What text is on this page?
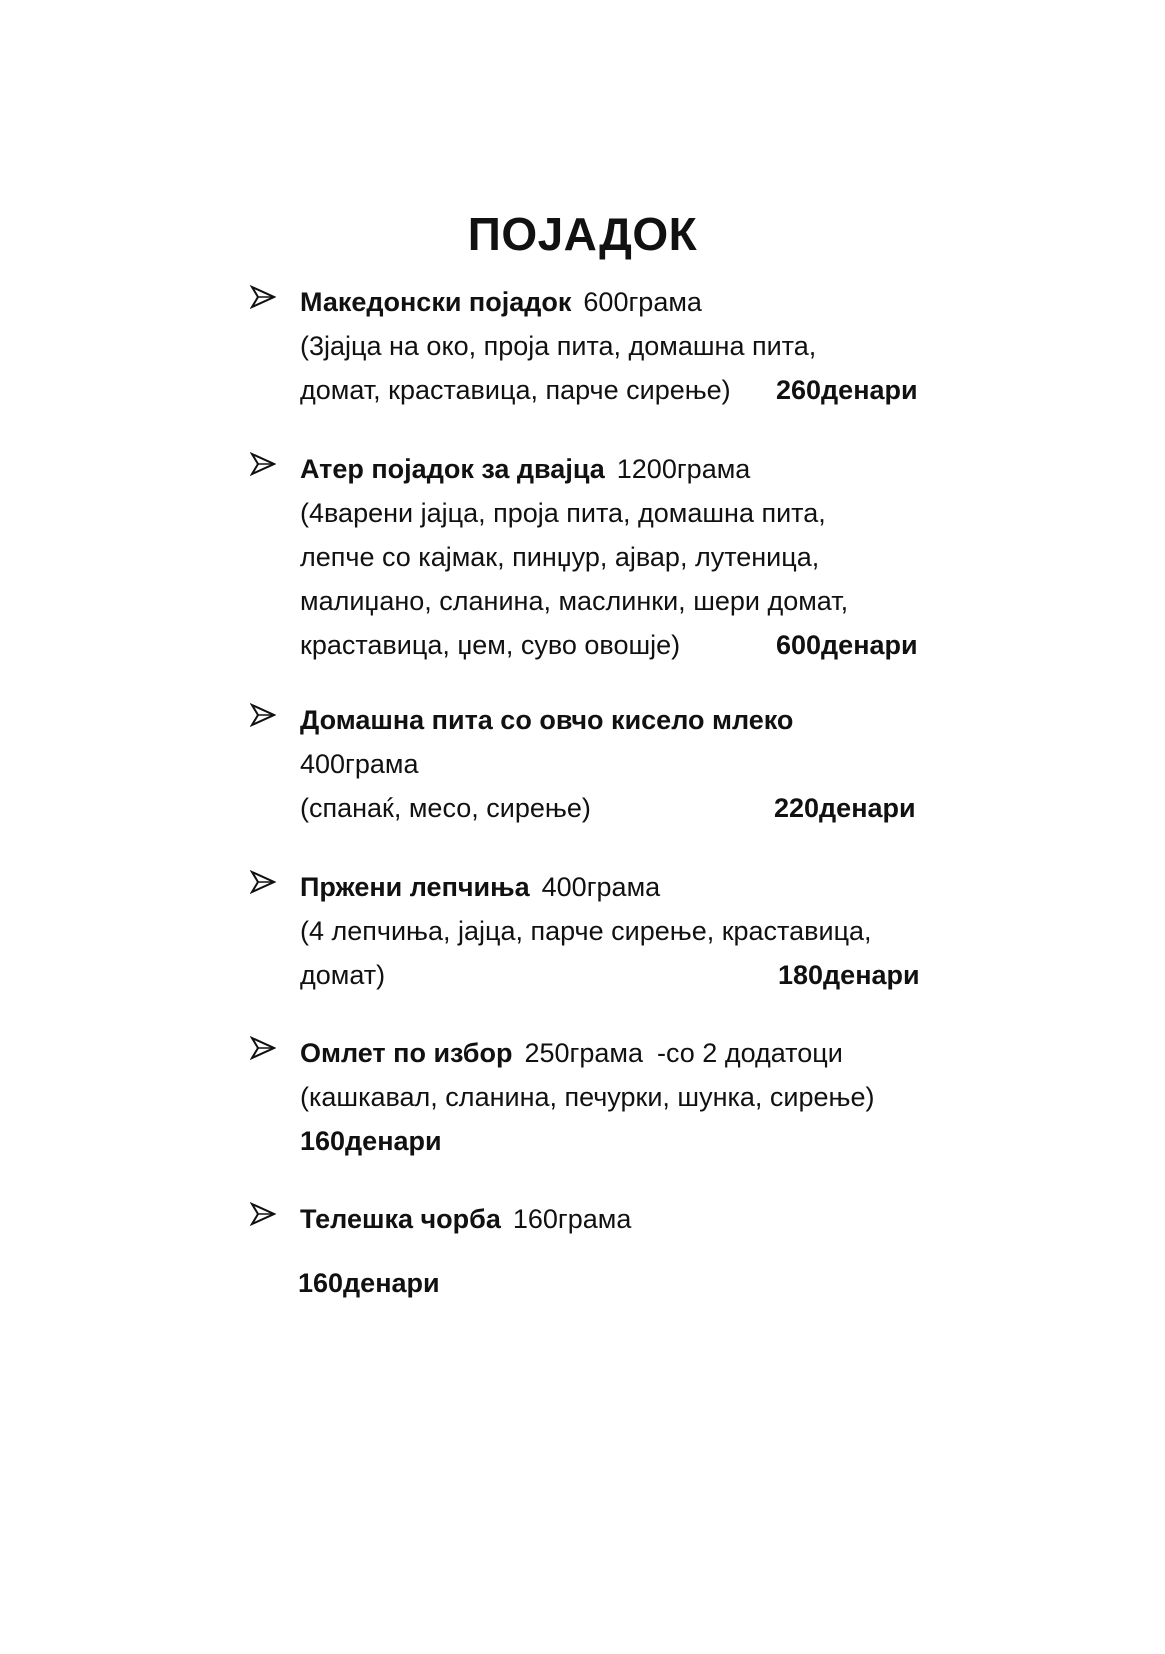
ПОЈАДОК
Македонски појадок 600грама
(3јајца на око, проја пита, домашна пита,
домат, краставица, парче сирење) 260денари
Атер појадок за двајца 1200грама
(4варени јајца, проја пита, домашна пита,
лепче со кајмак, пинџур, ајвар, лутеница,
малиџано, сланина, маслинки, шери домат,
краставица, џем, суво овошје)	600денари
Домашна пита со овчо кисело млеко
400грама
(спанаќ, месо, сирење)	220денари
Пржени лепчиња 400грама
(4 лепчиња, јајца, парче сирење, краставица,
домат)	180денари
Омлет по избор 250грама -со 2 додатоци
(кашкавал, сланина, печурки, шунка, сирење)
160денари
Телешка чорба 160грама
160денари
